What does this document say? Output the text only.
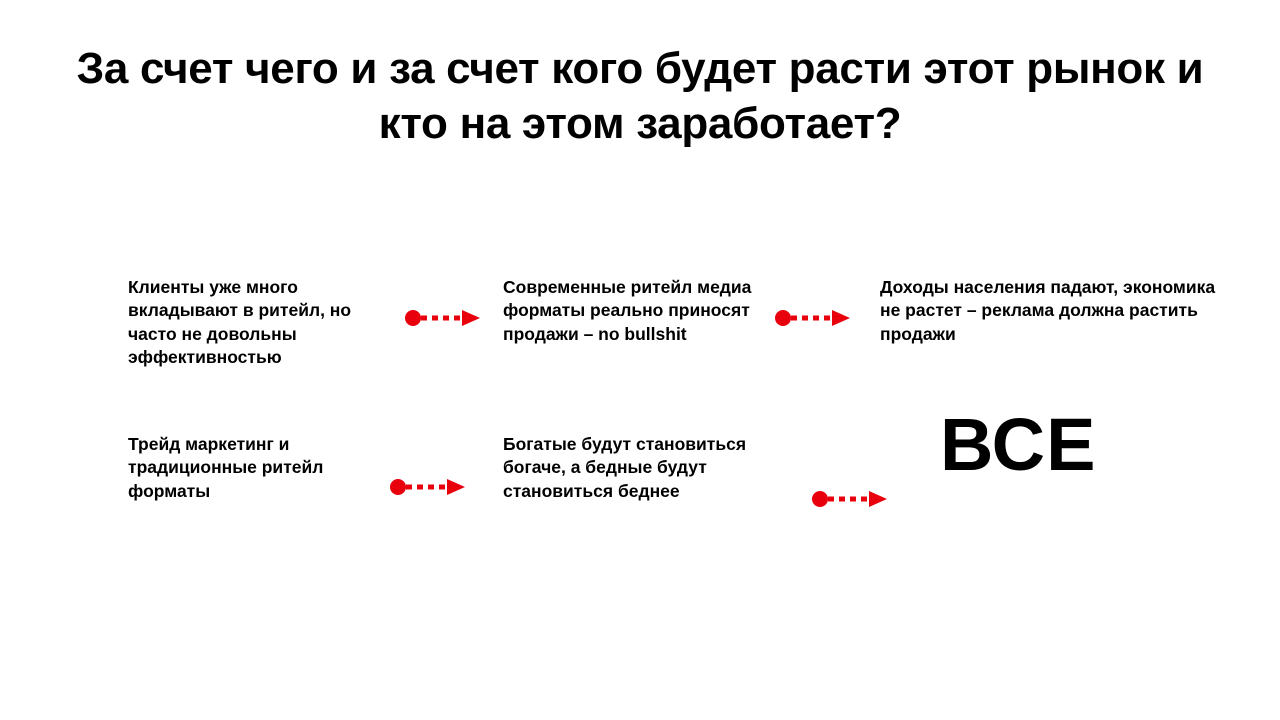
За счет чего и за счет кого будет расти этот рынок и кто на этом заработает?
Клиенты уже много вкладывают в ритейл, но часто не довольны эффективностью
Современные ритейл медиа форматы реально приносят продажи – no bullshit
Доходы населения падают, экономика не растет – реклама должна растить продажи
Трейд маркетинг и традиционные ритейл форматы
Богатые будут становиться богаче, а бедные будут становиться беднее
ВСЕ
